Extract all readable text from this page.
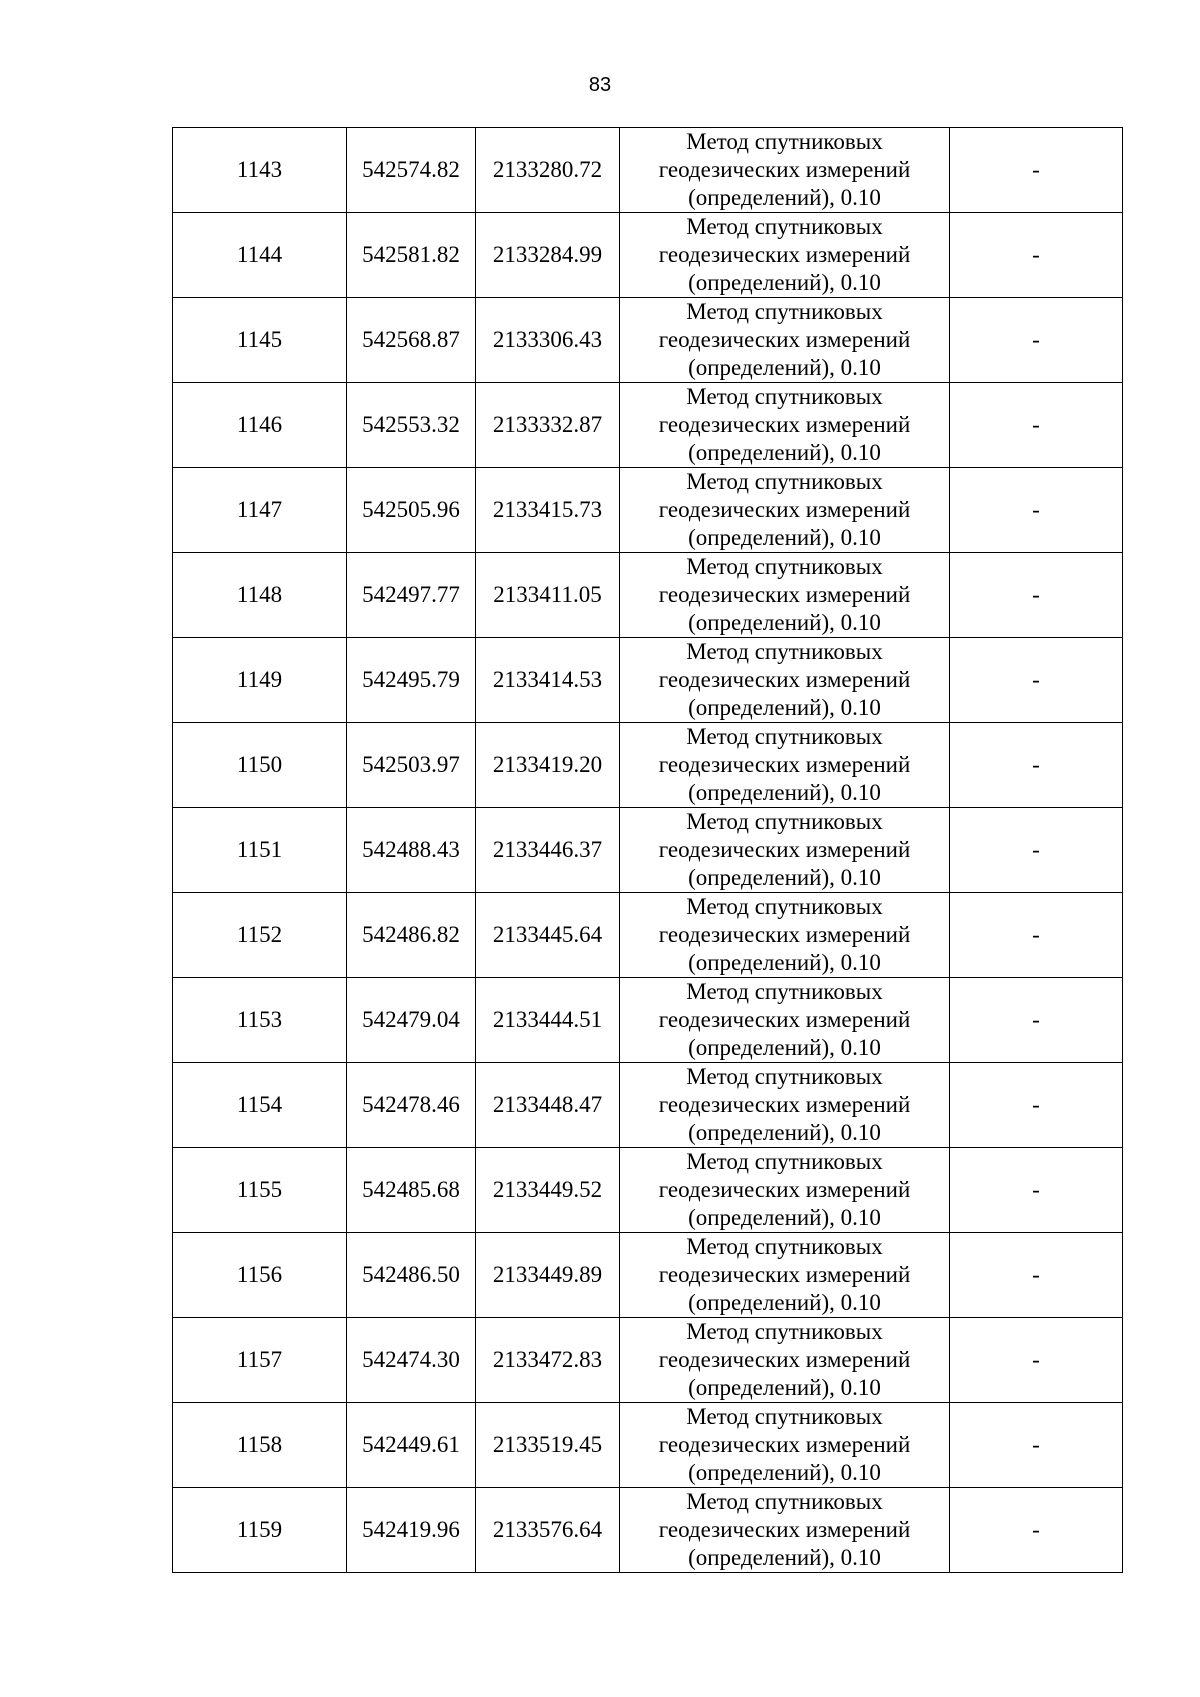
83
1143	542574.82	2133280.72	Метод спутниковых
геодезических измерений
(определений), 0.10	-
1144	542581.82	2133284.99	Метод спутниковых
геодезических измерений
(определений), 0.10	-
1145	542568.87	2133306.43	Метод спутниковых
геодезических измерений
(определений), 0.10	-
1146	542553.32	2133332.87	Метод спутниковых
геодезических измерений
(определений), 0.10	-
1147	542505.96	2133415.73	Метод спутниковых
геодезических измерений
(определений), 0.10	-
1148	542497.77	2133411.05	Метод спутниковых
геодезических измерений
(определений), 0.10	-
1149	542495.79	2133414.53	Метод спутниковых
геодезических измерений
(определений), 0.10	-
1150	542503.97	2133419.20	Метод спутниковых
геодезических измерений
(определений), 0.10	-
1151	542488.43	2133446.37	Метод спутниковых
геодезических измерений
(определений), 0.10	-
1152	542486.82	2133445.64	Метод спутниковых
геодезических измерений
(определений), 0.10	-
1153	542479.04	2133444.51	Метод спутниковых
геодезических измерений
(определений), 0.10	-
1154	542478.46	2133448.47	Метод спутниковых
геодезических измерений
(определений), 0.10	-
1155	542485.68	2133449.52	Метод спутниковых
геодезических измерений
(определений), 0.10	-
1156	542486.50	2133449.89	Метод спутниковых
геодезических измерений
(определений), 0.10	-
1157	542474.30	2133472.83	Метод спутниковых
геодезических измерений
(определений), 0.10	-
1158	542449.61	2133519.45	Метод спутниковых
геодезических измерений
(определений), 0.10	-
1159	542419.96	2133576.64	Метод спутниковых
геодезических измерений
(определений), 0.10	-
